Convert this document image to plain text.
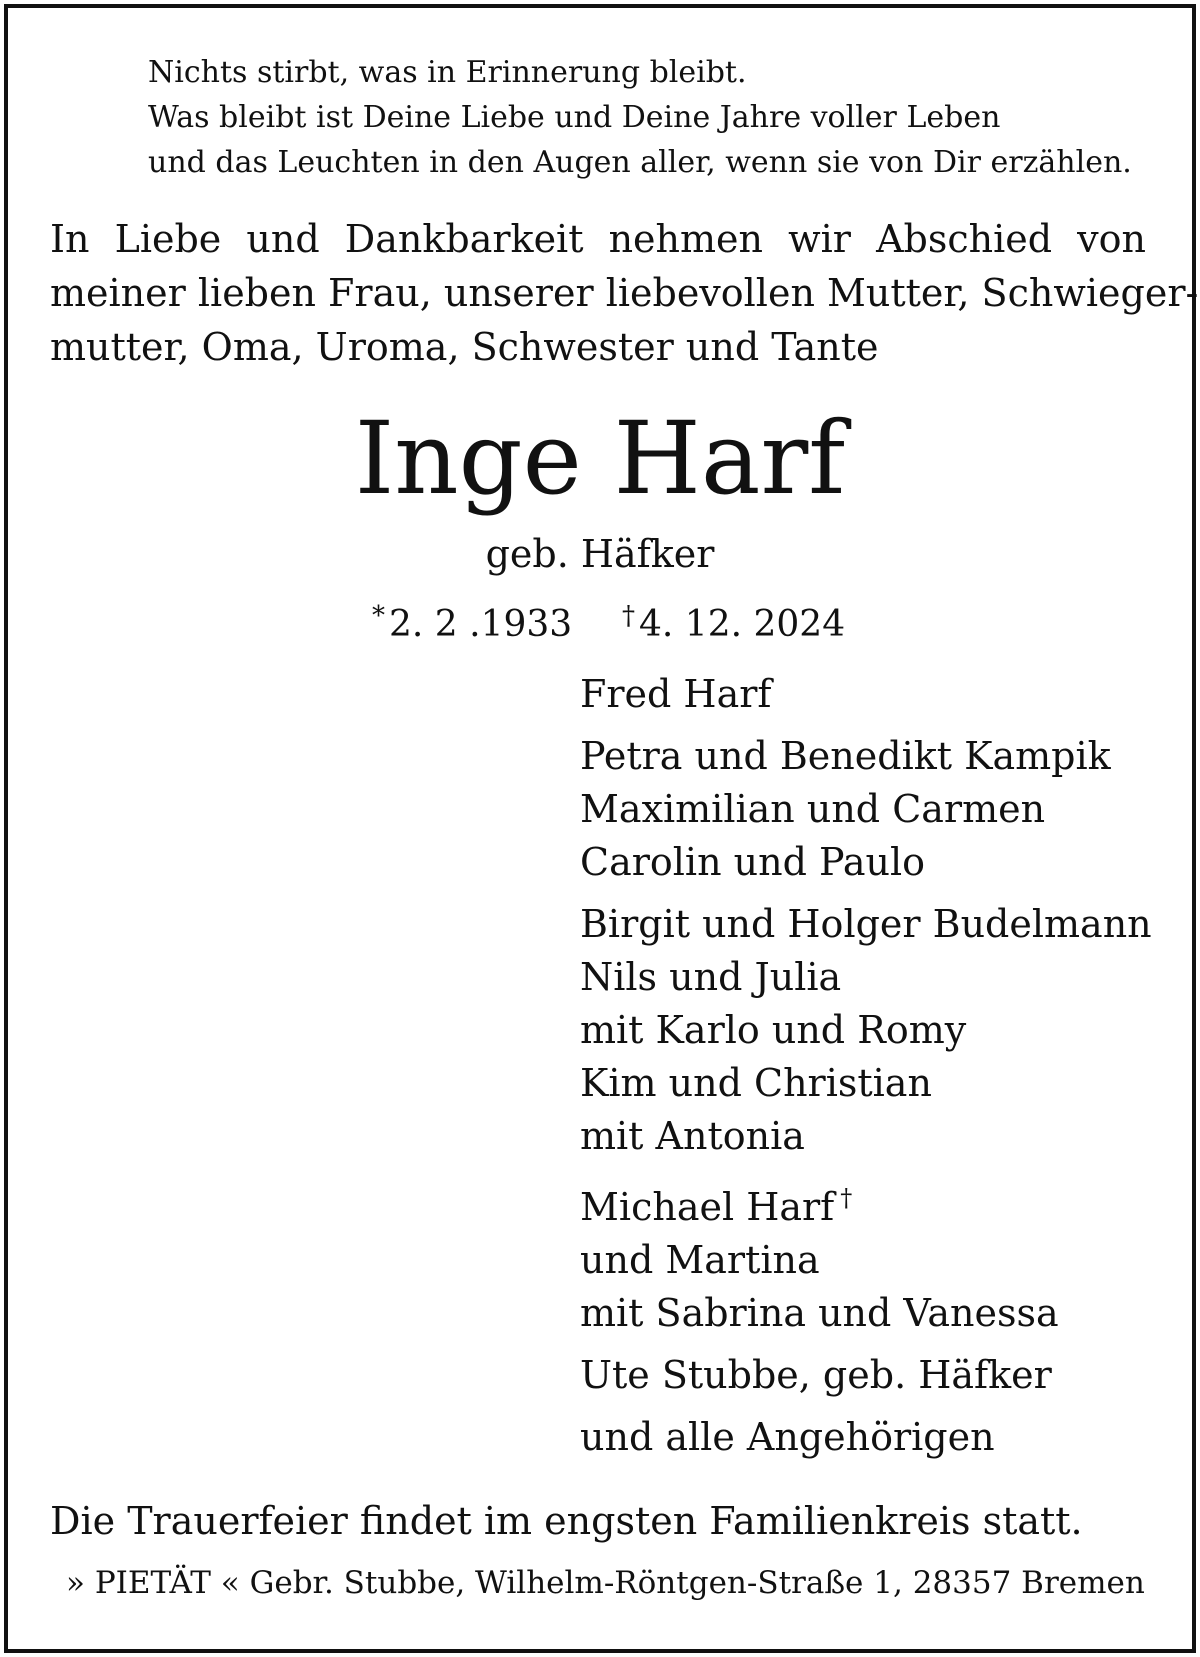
Nichts stirbt, was in Erinnerung bleibt.
Was bleibt ist Deine Liebe und Deine Jahre voller Leben
und das Leuchten in den Augen aller, wenn sie von Dir erzählen.
In Liebe und Dankbarkeit nehmen wir Abschied von
meiner lieben Frau, unserer liebevollen Mutter, Schwieger-
mutter, Oma, Uroma, Schwester und Tante
Inge Harf
geb. Häfker
* 2. 2 .1933 † 4. 12. 2024
Fred Harf
Petra und Benedikt Kampik
Maximilian und Carmen
Carolin und Paulo
Birgit und Holger Budelmann
Nils und Julia
mit Karlo und Romy
Kim und Christian
mit Antonia
Michael Harf †
und Martina
mit Sabrina und Vanessa
Ute Stubbe, geb. Häfker
und alle Angehörigen
Die Trauerfeier findet im engsten Familienkreis statt.
» PIETÄT « Gebr. Stubbe, Wilhelm-Röntgen-Straße 1, 28357 Bremen
